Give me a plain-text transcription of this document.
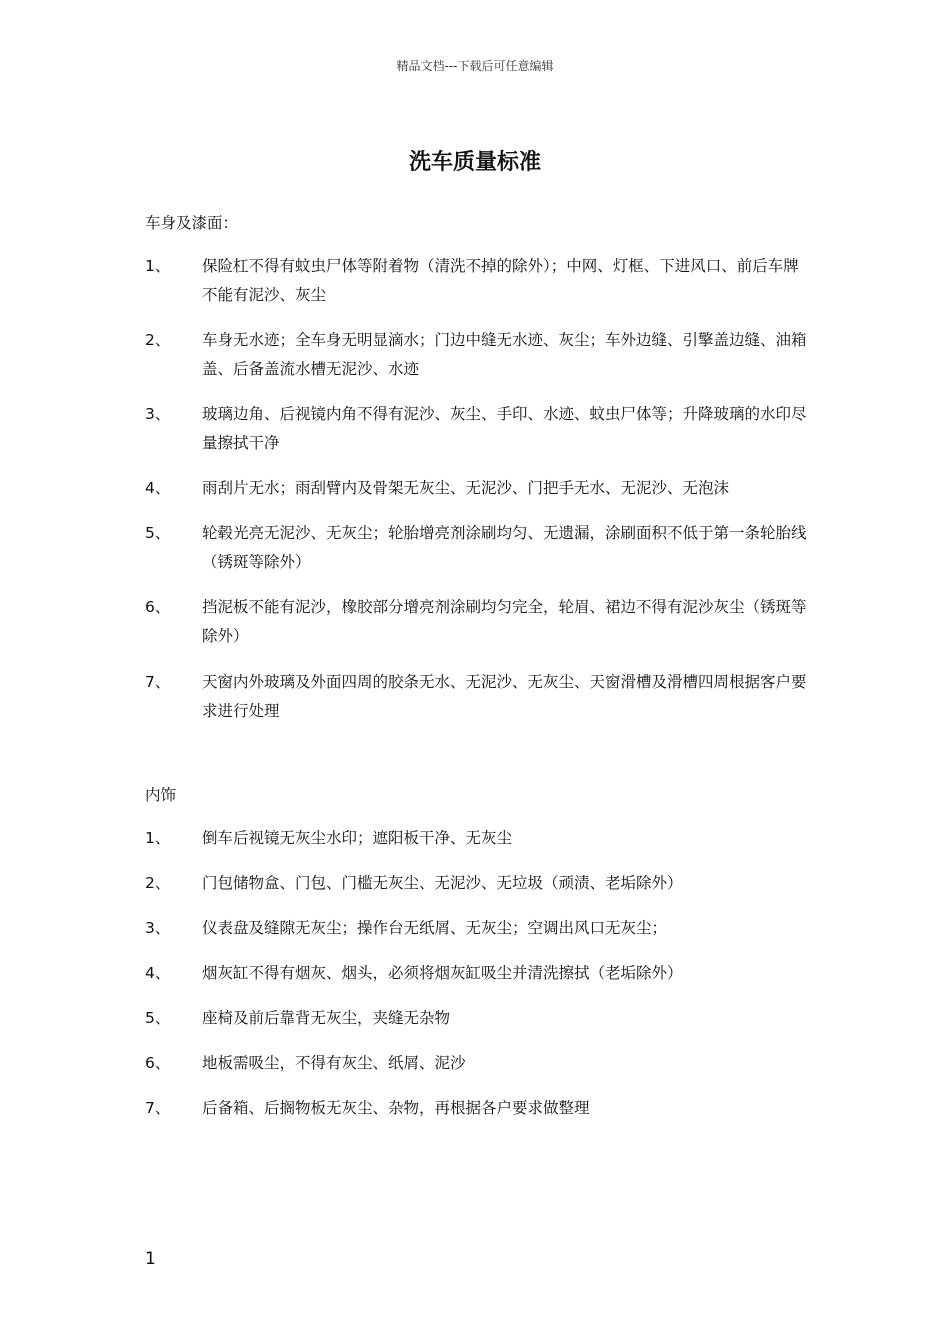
精品文档---下载后可任意编辑
洗车质量标准
车身及漆面：
1、	保险杠不得有蚊虫尸体等附着物（清洗不掉的除外）；中网、灯框、下进风口、前后车牌不能有泥沙、灰尘
2、	车身无水迹；全车身无明显滴水；门边中缝无水迹、灰尘；车外边缝、引擎盖边缝、油箱盖、后备盖流水槽无泥沙、水迹
3、	玻璃边角、后视镜内角不得有泥沙、灰尘、手印、水迹、蚊虫尸体等；升降玻璃的水印尽量擦拭干净
4、	雨刮片无水；雨刮臂内及骨架无灰尘、无泥沙、门把手无水、无泥沙、无泡沫
5、	轮毂光亮无泥沙、无灰尘；轮胎增亮剂涂刷均匀、无遗漏，涂刷面积不低于第一条轮胎线（锈斑等除外）
6、	挡泥板不能有泥沙，橡胶部分增亮剂涂刷均匀完全，轮眉、裙边不得有泥沙灰尘（锈斑等除外）
7、	天窗内外玻璃及外面四周的胶条无水、无泥沙、无灰尘、天窗滑槽及滑槽四周根据客户要求进行处理
内饰
1、	倒车后视镜无灰尘水印；遮阳板干净、无灰尘
2、	门包储物盒、门包、门槛无灰尘、无泥沙、无垃圾（顽渍、老垢除外）
3、	仪表盘及缝隙无灰尘；操作台无纸屑、无灰尘；空调出风口无灰尘；
4、	烟灰缸不得有烟灰、烟头，必须将烟灰缸吸尘并清洗擦拭（老垢除外）
5、	座椅及前后靠背无灰尘，夹缝无杂物
6、	地板需吸尘，不得有灰尘、纸屑、泥沙
7、	后备箱、后搁物板无灰尘、杂物，再根据各户要求做整理
1
